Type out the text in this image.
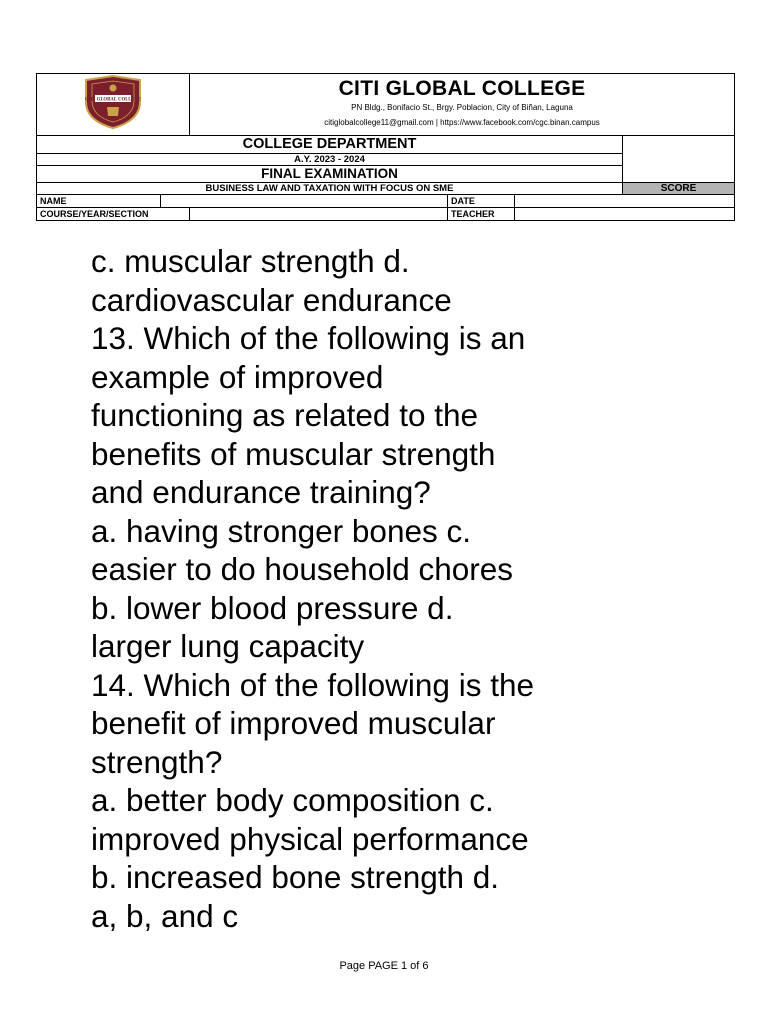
CITI GLOBAL COLLEGE		CITI GLOBAL COLLEGE
PN Bldg., Bonifacio St., Brgy. Poblacion, City of Biñan, Laguna
citiglobalcollege11@gmail.com | https://www.facebook.com/cgc.binan.campus			

COLLEGE DEPARTMENT					
A.Y. 2023 - 2024					
FINAL EXAMINATION					
BUSINESS LAW AND TAXATION WITH FOCUS ON SME					SCORE
NAME			DATE		
COURSE/YEAR/SECTION			TEACHER		
c. muscular strength d.
cardiovascular endurance
13. Which of the following is an
example of improved
functioning as related to the
benefits of muscular strength
and endurance training?
a. having stronger bones c.
easier to do household chores
b. lower blood pressure d.
larger lung capacity
14. Which of the following is the
benefit of improved muscular
strength?
a. better body composition c.
improved physical performance
b. increased bone strength d.
a, b, and c
Page PAGE 1 of 6
